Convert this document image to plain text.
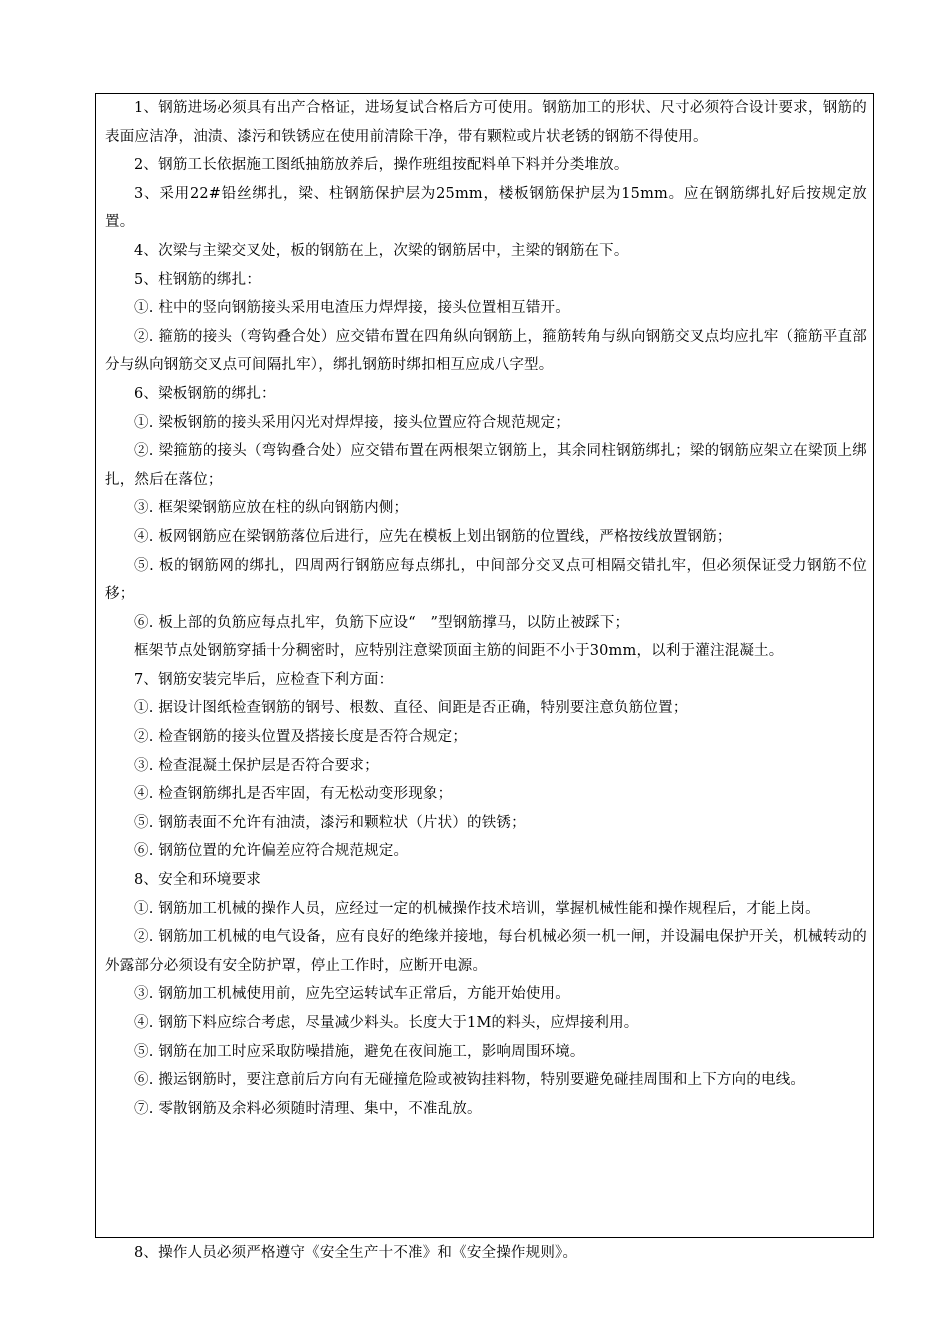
1、钢筋进场必须具有出产合格证，进场复试合格后方可使用。钢筋加工的形状、尺寸必须符合设计要求，钢筋的表面应洁净，油渍、漆污和铁锈应在使用前清除干净，带有颗粒或片状老锈的钢筋不得使用。

2、钢筋工长依据施工图纸抽筋放养后，操作班组按配料单下料并分类堆放。

3、采用22#铅丝绑扎，梁、柱钢筋保护层为25mm，楼板钢筋保护层为15mm。应在钢筋绑扎好后按规定放置。

4、次梁与主梁交叉处，板的钢筋在上，次梁的钢筋居中，主梁的钢筋在下。

5、柱钢筋的绑扎：

①. 柱中的竖向钢筋接头采用电渣压力焊焊接，接头位置相互错开。

②. 箍筋的接头（弯钩叠合处）应交错布置在四角纵向钢筋上，箍筋转角与纵向钢筋交叉点均应扎牢（箍筋平直部分与纵向钢筋交叉点可间隔扎牢），绑扎钢筋时绑扣相互应成八字型。

6、梁板钢筋的绑扎：

①. 梁板钢筋的接头采用闪光对焊焊接，接头位置应符合规范规定；

②. 梁箍筋的接头（弯钩叠合处）应交错布置在两根架立钢筋上，其余同柱钢筋绑扎；梁的钢筋应架立在梁顶上绑扎，然后在落位；

③. 框架梁钢筋应放在柱的纵向钢筋内侧；

④. 板网钢筋应在梁钢筋落位后进行，应先在模板上划出钢筋的位置线，严格按线放置钢筋；

⑤. 板的钢筋网的绑扎，四周两行钢筋应每点绑扎，中间部分交叉点可相隔交错扎牢，但必须保证受力钢筋不位移；

⑥. 板上部的负筋应每点扎牢，负筋下应设“　”型钢筋撑马，以防止被踩下；

框架节点处钢筋穿插十分稠密时，应特别注意梁顶面主筋的间距不小于30mm，以利于灌注混凝土。

7、钢筋安装完毕后，应检查下利方面：

①. 据设计图纸检查钢筋的钢号、根数、直径、间距是否正确，特别要注意负筋位置；

②. 检查钢筋的接头位置及搭接长度是否符合规定；

③. 检查混凝土保护层是否符合要求；

④. 检查钢筋绑扎是否牢固，有无松动变形现象；

⑤. 钢筋表面不允许有油渍，漆污和颗粒状（片状）的铁锈；

⑥. 钢筋位置的允许偏差应符合规范规定。

8、安全和环境要求

①. 钢筋加工机械的操作人员，应经过一定的机械操作技术培训，掌握机械性能和操作规程后，才能上岗。

②. 钢筋加工机械的电气设备，应有良好的绝缘并接地，每台机械必须一机一闸，并设漏电保护开关，机械转动的外露部分必须设有安全防护罩，停止工作时，应断开电源。

③. 钢筋加工机械使用前，应先空运转试车正常后，方能开始使用。

④. 钢筋下料应综合考虑，尽量减少料头。长度大于1M的料头，应焊接利用。

⑤. 钢筋在加工时应采取防噪措施，避免在夜间施工，影响周围环境。

⑥. 搬运钢筋时，要注意前后方向有无碰撞危险或被钩挂料物，特别要避免碰挂周围和上下方向的电线。

⑦. 零散钢筋及余料必须随时清理、集中，不准乱放。

8、操作人员必须严格遵守《安全生产十不准》和《安全操作规则》。
